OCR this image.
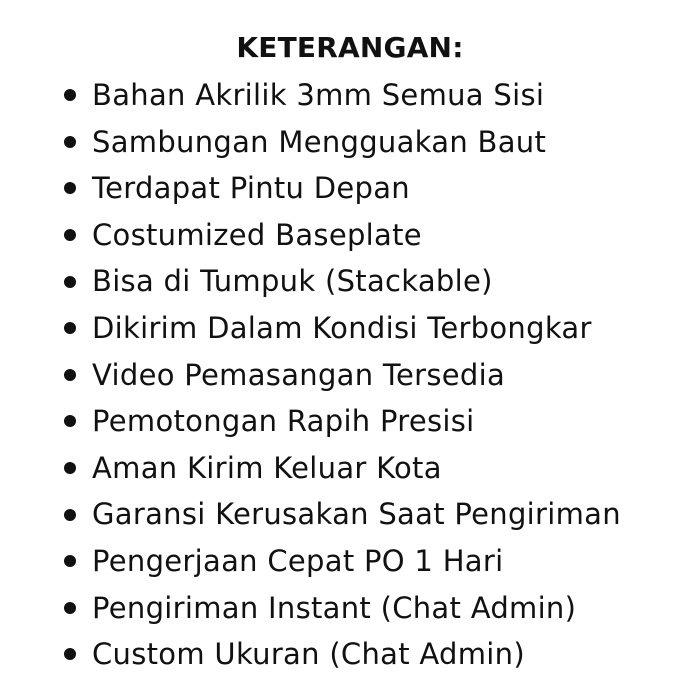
KETERANGAN:
Bahan Akrilik 3mm Semua Sisi
Sambungan Mengguakan Baut
Terdapat Pintu Depan
Costumized Baseplate
Bisa di Tumpuk (Stackable)
Dikirim Dalam Kondisi Terbongkar
Video Pemasangan Tersedia
Pemotongan Rapih Presisi
Aman Kirim Keluar Kota
Garansi Kerusakan Saat Pengiriman
Pengerjaan Cepat PO 1 Hari
Pengiriman Instant (Chat Admin)
Custom Ukuran (Chat Admin)
